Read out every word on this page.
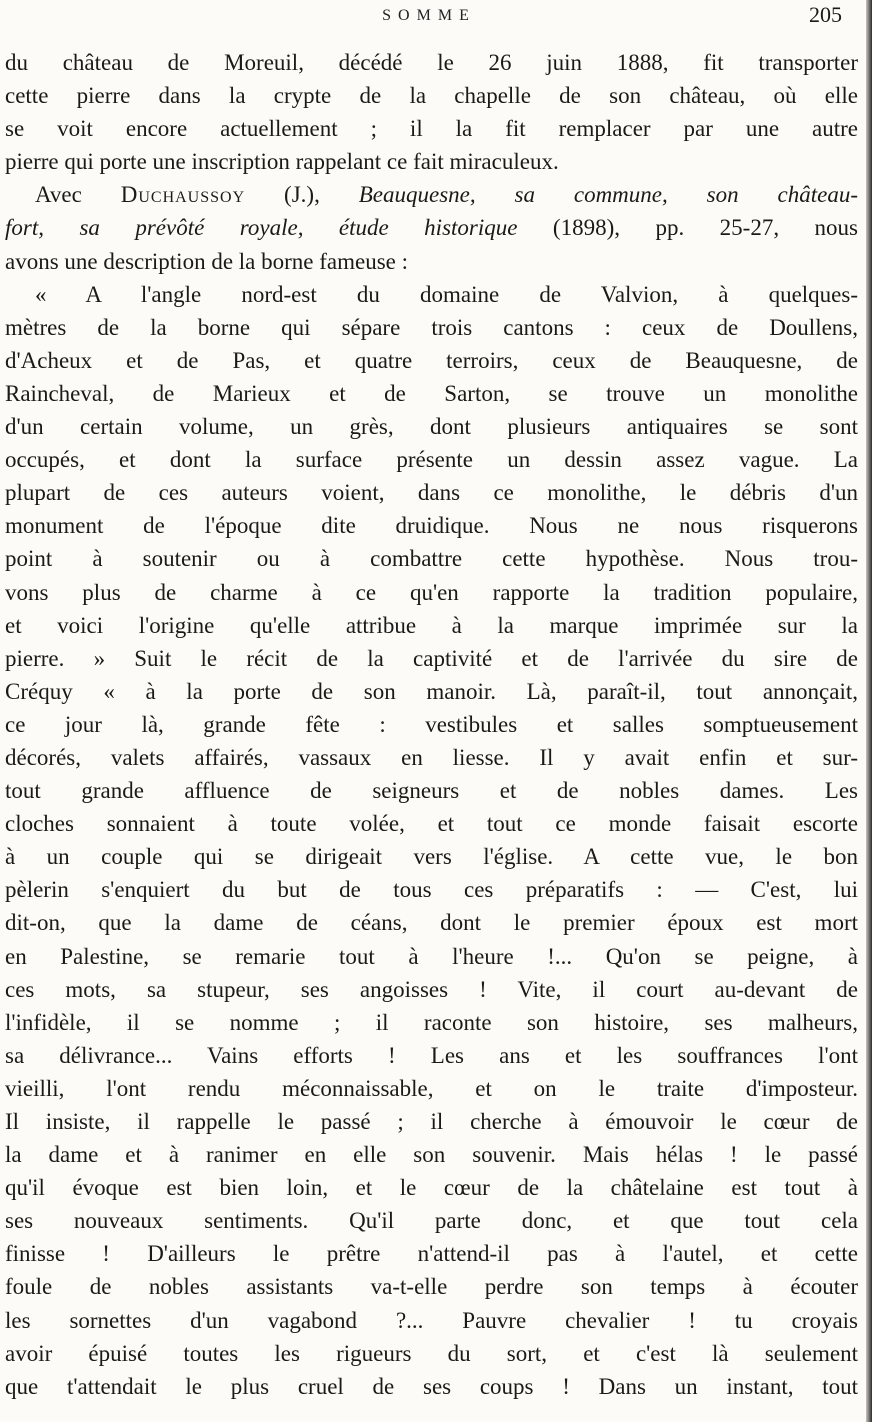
SOMME	205
du château de Moreuil, décédé le 26 juin 1888, fit transporter
cette pierre dans la crypte de la chapelle de son château, où elle
se voit encore actuellement ; il la fit remplacer par une autre
pierre qui porte une inscription rappelant ce fait miraculeux.
Avec Duchaussoy (J.), Beauquesne, sa commune, son château-
fort, sa prévôté royale, étude historique (1898), pp. 25-27, nous
avons une description de la borne fameuse :
« A l'angle nord-est du domaine de Valvion, à quelques-
mètres de la borne qui sépare trois cantons : ceux de Doullens,
d'Acheux et de Pas, et quatre terroirs, ceux de Beauquesne, de
Raincheval, de Marieux et de Sarton, se trouve un monolithe
d'un certain volume, un grès, dont plusieurs antiquaires se sont
occupés, et dont la surface présente un dessin assez vague. La
plupart de ces auteurs voient, dans ce monolithe, le débris d'un
monument de l'époque dite druidique. Nous ne nous risquerons
point à soutenir ou à combattre cette hypothèse. Nous trou-
vons plus de charme à ce qu'en rapporte la tradition populaire,
et voici l'origine qu'elle attribue à la marque imprimée sur la
pierre. » Suit le récit de la captivité et de l'arrivée du sire de
Créquy « à la porte de son manoir. Là, paraît-il, tout annonçait,
ce jour là, grande fête : vestibules et salles somptueusement
décorés, valets affairés, vassaux en liesse. Il y avait enfin et sur-
tout grande affluence de seigneurs et de nobles dames. Les
cloches sonnaient à toute volée, et tout ce monde faisait escorte
à un couple qui se dirigeait vers l'église. A cette vue, le bon
pèlerin s'enquiert du but de tous ces préparatifs : — C'est, lui
dit-on, que la dame de céans, dont le premier époux est mort
en Palestine, se remarie tout à l'heure !... Qu'on se peigne, à
ces mots, sa stupeur, ses angoisses ! Vite, il court au-devant de
l'infidèle, il se nomme ; il raconte son histoire, ses malheurs,
sa délivrance... Vains efforts ! Les ans et les souffrances l'ont
vieilli, l'ont rendu méconnaissable, et on le traite d'imposteur.
Il insiste, il rappelle le passé ; il cherche à émouvoir le cœur de
la dame et à ranimer en elle son souvenir. Mais hélas ! le passé
qu'il évoque est bien loin, et le cœur de la châtelaine est tout à
ses nouveaux sentiments. Qu'il parte donc, et que tout cela
finisse ! D'ailleurs le prêtre n'attend-il pas à l'autel, et cette
foule de nobles assistants va-t-elle perdre son temps à écouter
les sornettes d'un vagabond ?... Pauvre chevalier ! tu croyais
avoir épuisé toutes les rigueurs du sort, et c'est là seulement
que t'attendait le plus cruel de ses coups ! Dans un instant, tout
